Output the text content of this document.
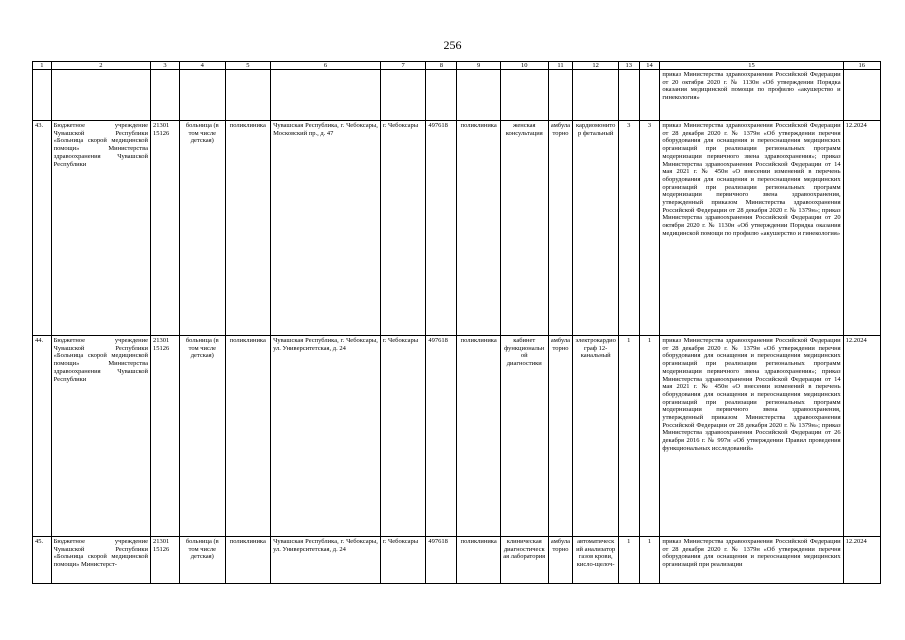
256
1	2	3	4	5	6	7	8	9	10	11	12	13	14	15	16
														приказ Министерства здравоохранения Российской Федерации от 20 октября 2020 г. № 1130н «Об утверждении Порядка оказания медицинской помощи по профилю «акушерство и гинекология»	
43.	Бюджетное учреждение Чувашской Республики «Больница скорой медицинской помощи» Министерства здравоохранения Чувашской Республики	21301 15126	больница (в том числе детская)	поликлиника	Чувашская Республика, г. Чебоксары, Московский пр., д. 47	г. Чебоксары	497618	поликлиника	женская консультация	амбулаторно	кардиомонитор фетальный	3	3	приказ Министерства здравоохранения Российской Федерации от 28 декабря 2020 г. № 1379н «Об утверждении перечня оборудования для оснащения и переоснащения медицинских организаций при реализации региональных программ модернизации первичного звена здравоохранения»; приказ Министерства здравоохранения Российской Федерации от 14 мая 2021 г. № 450н «О внесении изменений в перечень оборудования для оснащения и переоснащения медицинских организаций при реализации региональных программ модернизации первичного звена здравоохранения, утвержденный приказом Министерства здравоохранения Российской Федерации от 28 декабря 2020 г. № 1379н»; приказ Министерства здравоохранения Российской Федерации от 20 октября 2020 г. № 1130н «Об утверждении Порядка оказания медицинской помощи по профилю «акушерство и гинекология»	12.2024
44.	Бюджетное учреждение Чувашской Республики «Больница скорой медицинской помощи» Министерства здравоохранения Чувашской Республики	21301 15126	больница (в том числе детская)	поликлиника	Чувашская Республика, г. Чебоксары, ул. Университетская, д. 24	г. Чебоксары	497618	поликлиника	кабинет функциональной диагностики	амбулаторно	электрокардиограф 12-канальный	1	1	приказ Министерства здравоохранения Российской Федерации от 28 декабря 2020 г. № 1379н «Об утверждении перечня оборудования для оснащения и переоснащения медицинских организаций при реализации региональных программ модернизации первичного звена здравоохранения»; приказ Министерства здравоохранения Российской Федерации от 14 мая 2021 г. № 450н «О внесении изменений в перечень оборудования для оснащения и переоснащения медицинских организаций при реализации региональных программ модернизации первичного звена здравоохранения, утвержденный приказом Министерства здравоохранения Российской Федерации от 28 декабря 2020 г. № 1379н»; приказ Министерства здравоохранения Российской Федерации от 26 декабря 2016 г. № 997н «Об утверждении Правил проведения функциональных исследований»	12.2024
45.	Бюджетное учреждение Чувашской Республики «Больница скорой медицинской помощи» Министерст-	21301 15126	больница (в том числе детская)	поликлиника	Чувашская Республика, г. Чебоксары, ул. Университетская, д. 24	г. Чебоксары	497618	поликлиника	клиническая диагностическая лаборатория	амбулаторно	автоматический анализатор газов крови, кисло-щелоч-	1	1	приказ Министерства здравоохранения Российской Федерации от 28 декабря 2020 г. № 1379н «Об утверждении перечня оборудования для оснащения и переоснащения медицинских организаций при реализации	12.2024
